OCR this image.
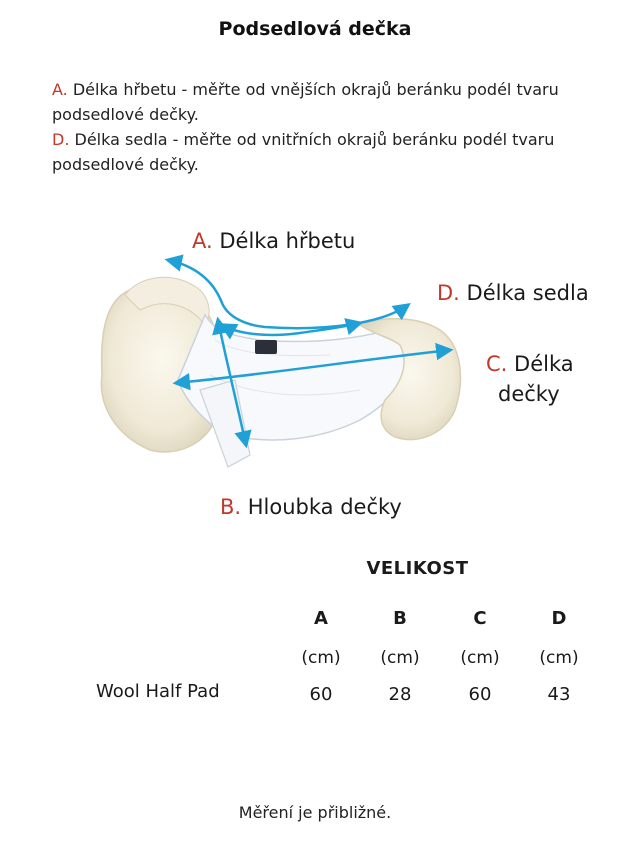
Podsedlová dečka
A. Délka hřbetu - měřte od vnějších okrajů beránku podél tvaru podsedlové dečky.
D. Délka sedla - měřte od vnitřních okrajů beránku podél tvaru podsedlové dečky.
A. Délka hřbetu
D. Délka sedla
C. Délka
dečky
B. Hloubka dečky
VELIKOST
A	B	C	D
(cm)	(cm)	(cm)	(cm)
Wool Half Pad	60	28	60	43
Měření je přibližné.
